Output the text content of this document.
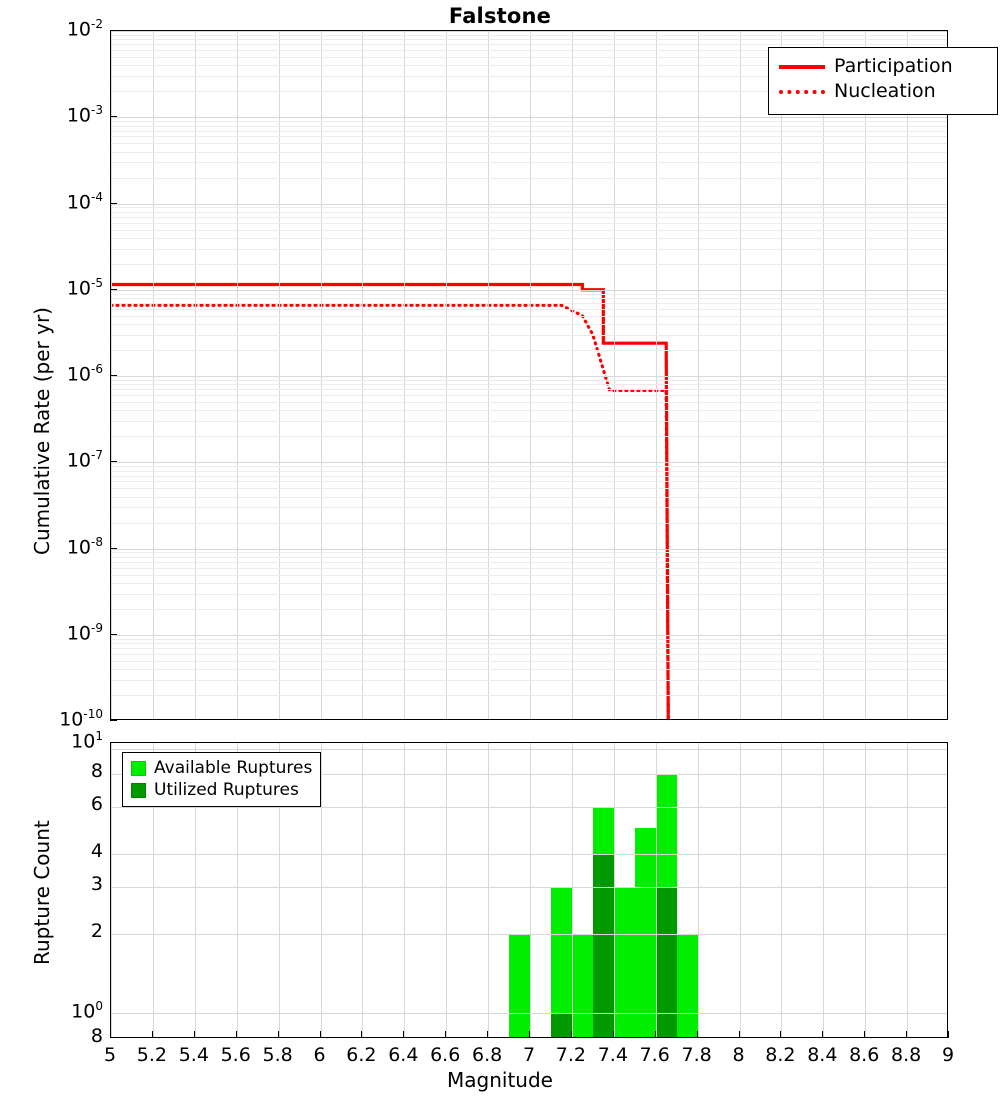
Falstone
Cumulative Rate (per yr)
Participation
Nucleation
Rupture Count
Available Ruptures
Utilized Ruptures
Magnitude
$10^{-2}$
$10^{-3}$
$10^{-4}$
$10^{-5}$
$10^{-6}$
$10^{-7}$
$10^{-8}$
$10^{-9}$
$10^{-10}$
$10^1$
8
6
4
3
2
$10^0$
8
5	5.2 5.4 5.6 5.8	6	6.2 6.4 6.6 6.8	7	7.2 7.4 7.6 7.8	8	8.2 8.4 8.6 8.8	9
